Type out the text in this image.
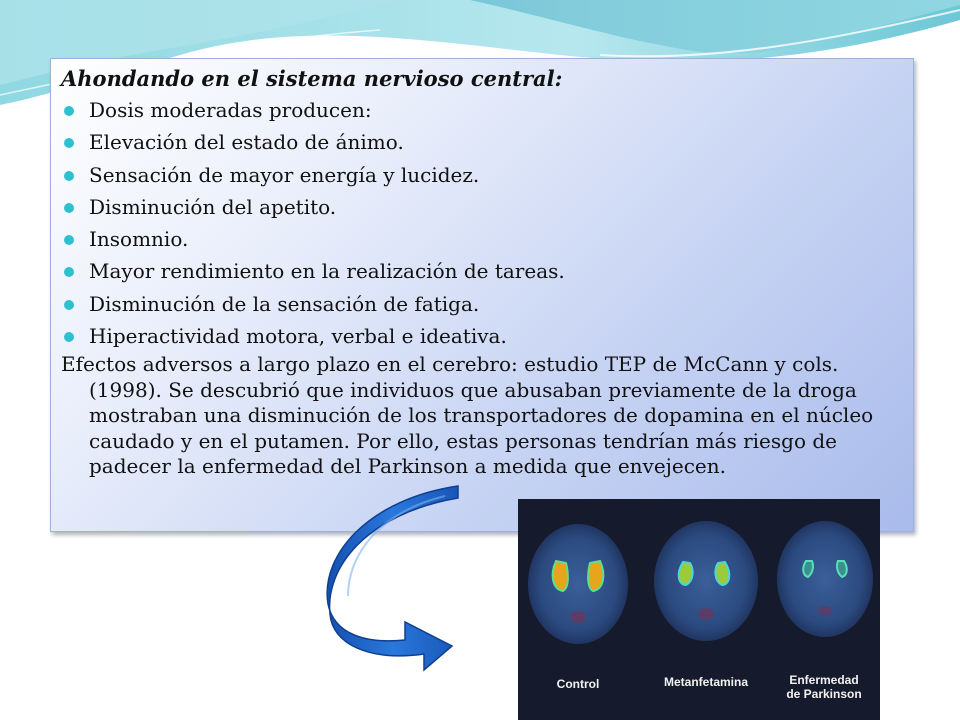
Ahondando en el sistema nervioso central:

Dosis moderadas producen:
Elevación del estado de ánimo.
Sensación de mayor energía y lucidez.
Disminución del apetito.
Insomnio.
Mayor rendimiento en la realización de tareas.
Disminución de la sensación de fatiga.
Hiperactividad motora, verbal e ideativa.

Efectos adversos a largo plazo en el cerebro: estudio TEP de McCann y cols. (1998). Se descubrió que individuos que abusaban previamente de la droga mostraban una disminución de los transportadores de dopamina en el núcleo caudado y en el putamen. Por ello, estas personas tendrían más riesgo de padecer la enfermedad del Parkinson a medida que envejecen.

Control	Metanfetamina	Enfermedad
de Parkinson
